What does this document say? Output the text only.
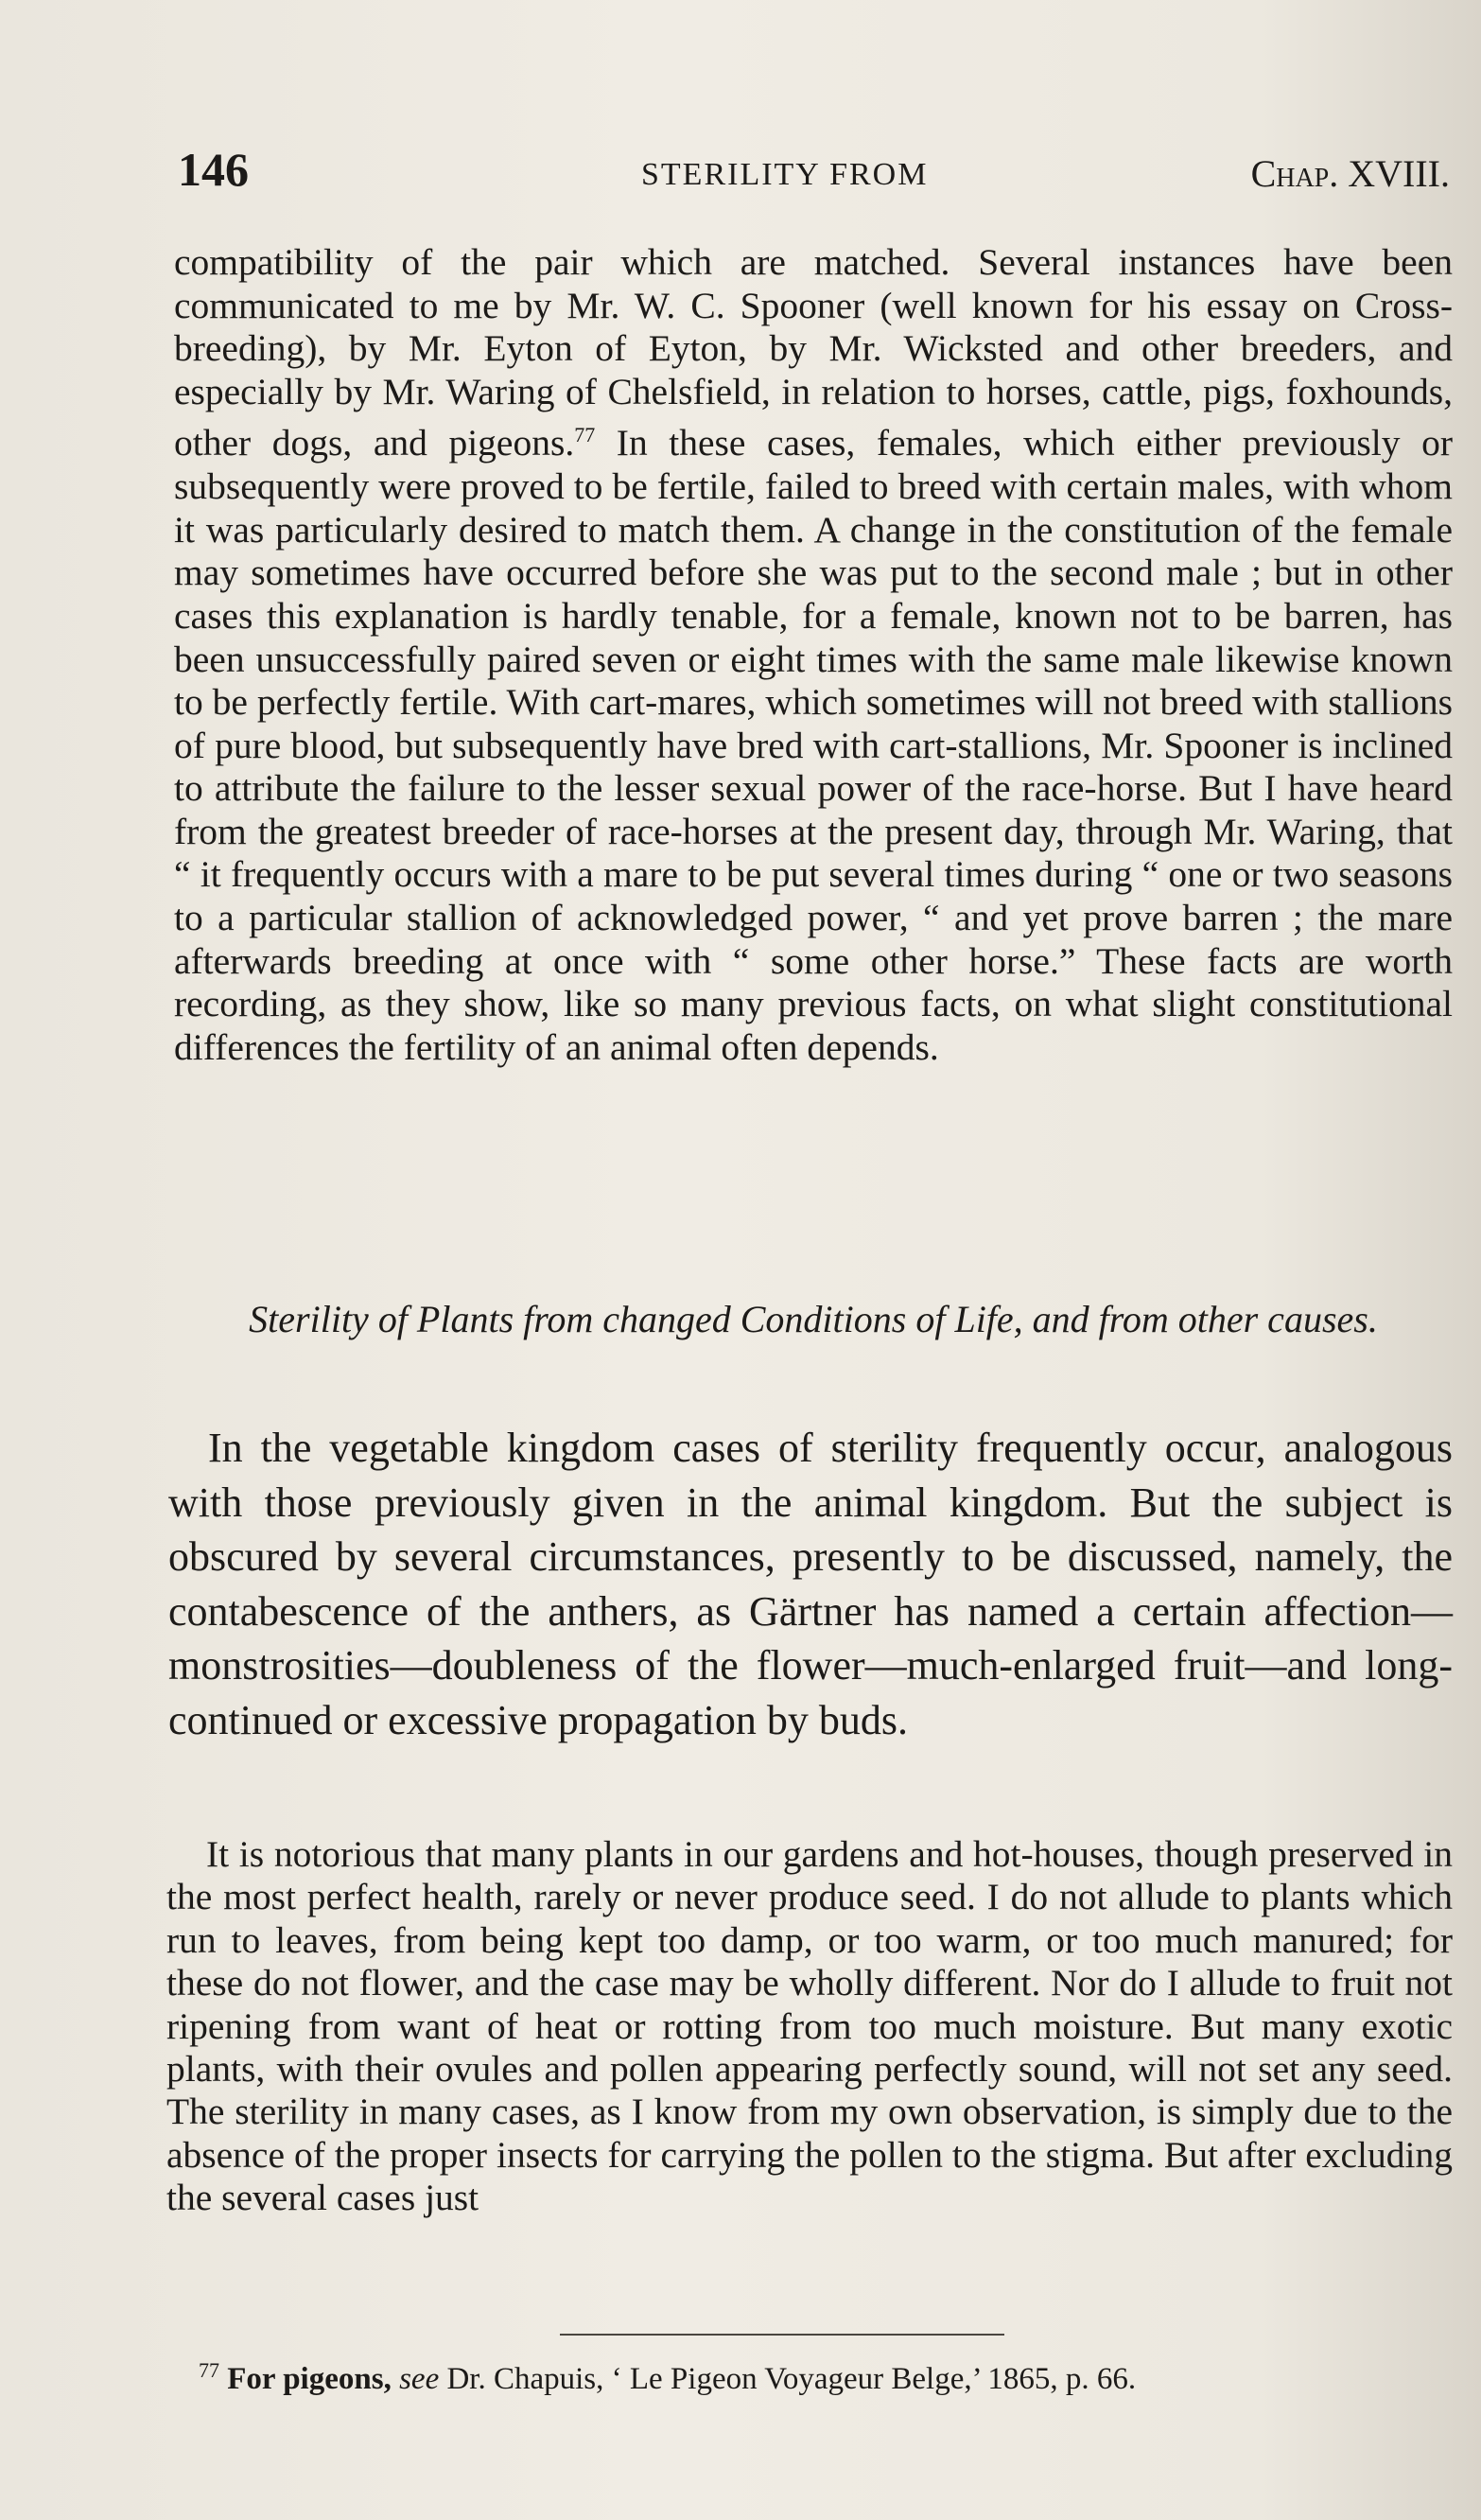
146	STERILITY FROM	Chap. XVIII.

compatibility of the pair which are matched. Several instances have been communicated to me by Mr. W. C. Spooner (well known for his essay on Cross-breeding), by Mr. Eyton of Eyton, by Mr. Wicksted and other breeders, and especially by Mr. Waring of Chelsfield, in relation to horses, cattle, pigs, foxhounds, other dogs, and pigeons.$^{77}$ In these cases, females, which either previously or subsequently were proved to be fertile, failed to breed with certain males, with whom it was particularly desired to match them. A change in the constitution of the female may sometimes have occurred before she was put to the second male ; but in other cases this explanation is hardly tenable, for a female, known not to be barren, has been unsuccessfully paired seven or eight times with the same male likewise known to be perfectly fertile. With cart-mares, which sometimes will not breed with stallions of pure blood, but subsequently have bred with cart-stallions, Mr. Spooner is inclined to attribute the failure to the lesser sexual power of the race-horse. But I have heard from the greatest breeder of race-horses at the present day, through Mr. Waring, that “ it frequently occurs with a mare to be put several times during “ one or two seasons to a particular stallion of acknowledged power, “ and yet prove barren ; the mare afterwards breeding at once with “ some other horse.” These facts are worth recording, as they show, like so many previous facts, on what slight constitutional differences the fertility of an animal often depends.

Sterility of Plants from changed Conditions of Life, and from other causes.

In the vegetable kingdom cases of sterility frequently occur, analogous with those previously given in the animal kingdom. But the subject is obscured by several circumstances, presently to be discussed, namely, the contabescence of the anthers, as Gärtner has named a certain affection—monstrosities—doubleness of the flower—much-enlarged fruit—and long-continued or excessive propagation by buds.

It is notorious that many plants in our gardens and hot-houses, though preserved in the most perfect health, rarely or never produce seed. I do not allude to plants which run to leaves, from being kept too damp, or too warm, or too much manured; for these do not flower, and the case may be wholly different. Nor do I allude to fruit not ripening from want of heat or rotting from too much moisture. But many exotic plants, with their ovules and pollen appearing perfectly sound, will not set any seed. The sterility in many cases, as I know from my own observation, is simply due to the absence of the proper insects for carrying the pollen to the stigma. But after excluding the several cases just

$^{77}$ For pigeons, see Dr. Chapuis, ‘ Le Pigeon Voyageur Belge,’ 1865, p. 66.
